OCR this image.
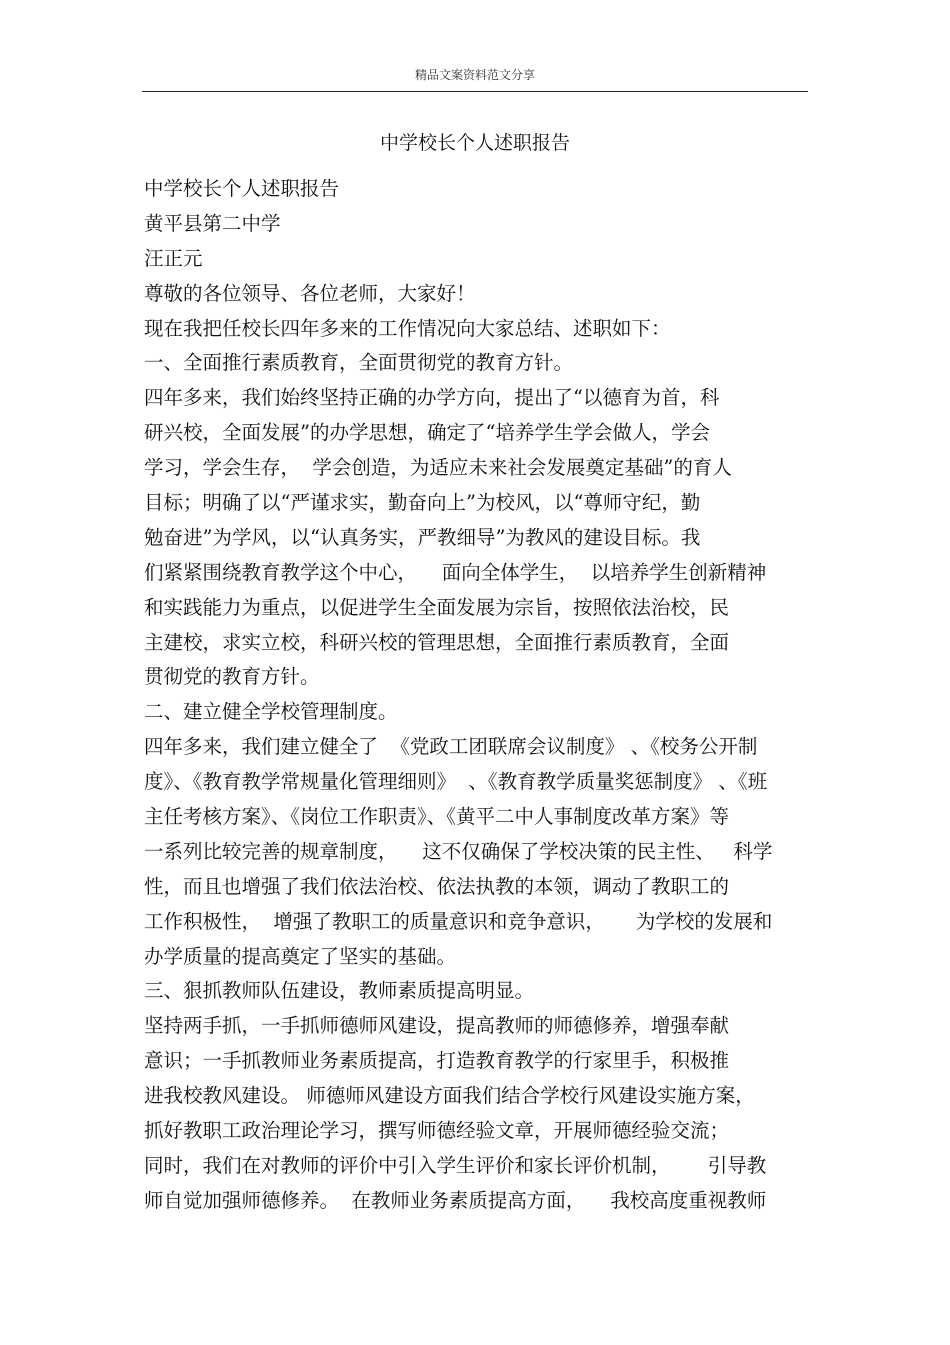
精品文案资料范文分享
中学校长个人述职报告
中学校长个人述职报告
黄平县第二中学
汪正元
尊敬的各位领导、各位老师，大家好！
现在我把任校长四年多来的工作情况向大家总结、述职如下：
一、全面推行素质教育，全面贯彻党的教育方针。
四年多来，我们始终坚持正确的办学方向，提出了“以德育为首，科
研兴校，全面发展”的办学思想，确定了“培养学生学会做人，学会
学习，学会生存，  学会创造，为适应未来社会发展奠定基础”的育人
目标；明确了以“严谨求实，勤奋向上”为校风，以“尊师守纪，勤
勉奋进”为学风，以“认真务实，严教细导”为教风的建设目标。我
们紧紧围绕教育教学这个中心，    面向全体学生，  以培养学生创新精神
和实践能力为重点，以促进学生全面发展为宗旨，按照依法治校，民
主建校，求实立校，科研兴校的管理思想，全面推行素质教育，全面
贯彻党的教育方针。
二、建立健全学校管理制度。
四年多来，我们建立健全了  《党政工团联席会议制度》 、《校务公开制
度》、《教育教学常规量化管理细则》  、《教育教学质量奖惩制度》 、《班
主任考核方案》、《岗位工作职责》、《黄平二中人事制度改革方案》等
一系列比较完善的规章制度，    这不仅确保了学校决策的民主性、   科学
性，而且也增强了我们依法治校、依法执教的本领，调动了教职工的
工作积极性，  增强了教职工的质量意识和竞争意识，     为学校的发展和
办学质量的提高奠定了坚实的基础。
三、狠抓教师队伍建设，教师素质提高明显。
坚持两手抓，一手抓师德师风建设，提高教师的师德修养，增强奉献
意识；一手抓教师业务素质提高，打造教育教学的行家里手，积极推
进我校教风建设。 师德师风建设方面我们结合学校行风建设实施方案，
抓好教职工政治理论学习，撰写师德经验文章，开展师德经验交流；
同时，我们在对教师的评价中引入学生评价和家长评价机制，      引导教
师自觉加强师德修养。  在教师业务素质提高方面，    我校高度重视教师
